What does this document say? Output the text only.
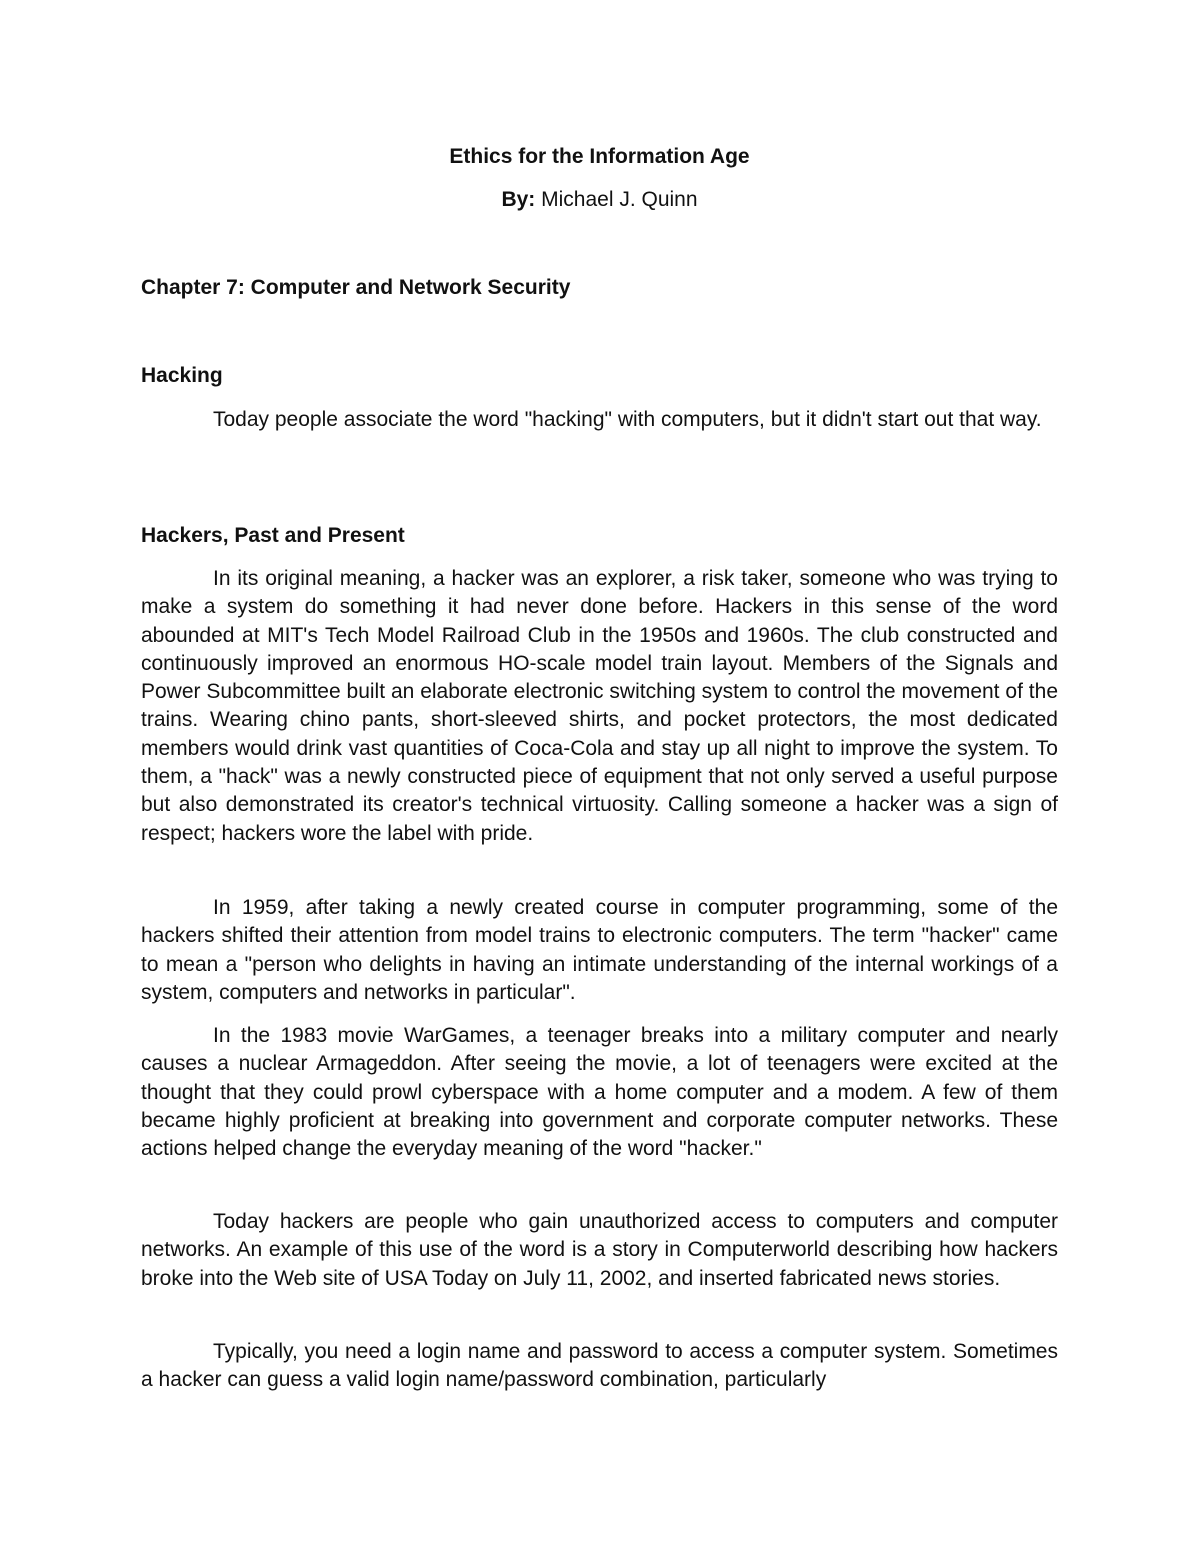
Ethics for the Information Age

By: Michael J. Quinn

Chapter 7: Computer and Network Security
Hacking

Today people associate the word "hacking" with computers, but it didn't start out that way.

Hackers, Past and Present

In its original meaning, a hacker was an explorer, a risk taker, someone who was trying to make a system do something it had never done before. Hackers in this sense of the word abounded at MIT's Tech Model Railroad Club in the 1950s and 1960s. The club constructed and continuously improved an enormous HO-scale model train layout. Members of the Signals and Power Subcommittee built an elaborate electronic switching system to control the movement of the trains. Wearing chino pants, short-sleeved shirts, and pocket protectors, the most dedicated members would drink vast quantities of Coca-Cola and stay up all night to improve the system. To them, a "hack" was a newly constructed piece of equipment that not only served a useful purpose but also demonstrated its creator's technical virtuosity. Calling someone a hacker was a sign of respect; hackers wore the label with pride.

In 1959, after taking a newly created course in computer programming, some of the hackers shifted their attention from model trains to electronic computers. The term "hacker" came to mean a "person who delights in having an intimate understanding of the internal workings of a system, computers and networks in particular".

In the 1983 movie WarGames, a teenager breaks into a military computer and nearly causes a nuclear Armageddon. After seeing the movie, a lot of teenagers were excited at the thought that they could prowl cyberspace with a home computer and a modem. A few of them became highly proficient at breaking into government and corporate computer networks. These actions helped change the everyday meaning of the word "hacker."

Today hackers are people who gain unauthorized access to computers and computer networks. An example of this use of the word is a story in Computerworld describing how hackers broke into the Web site of USA Today on July 11, 2002, and inserted fabricated news stories.

Typically, you need a login name and password to access a computer system. Sometimes a hacker can guess a valid login name/password combination, particularly
